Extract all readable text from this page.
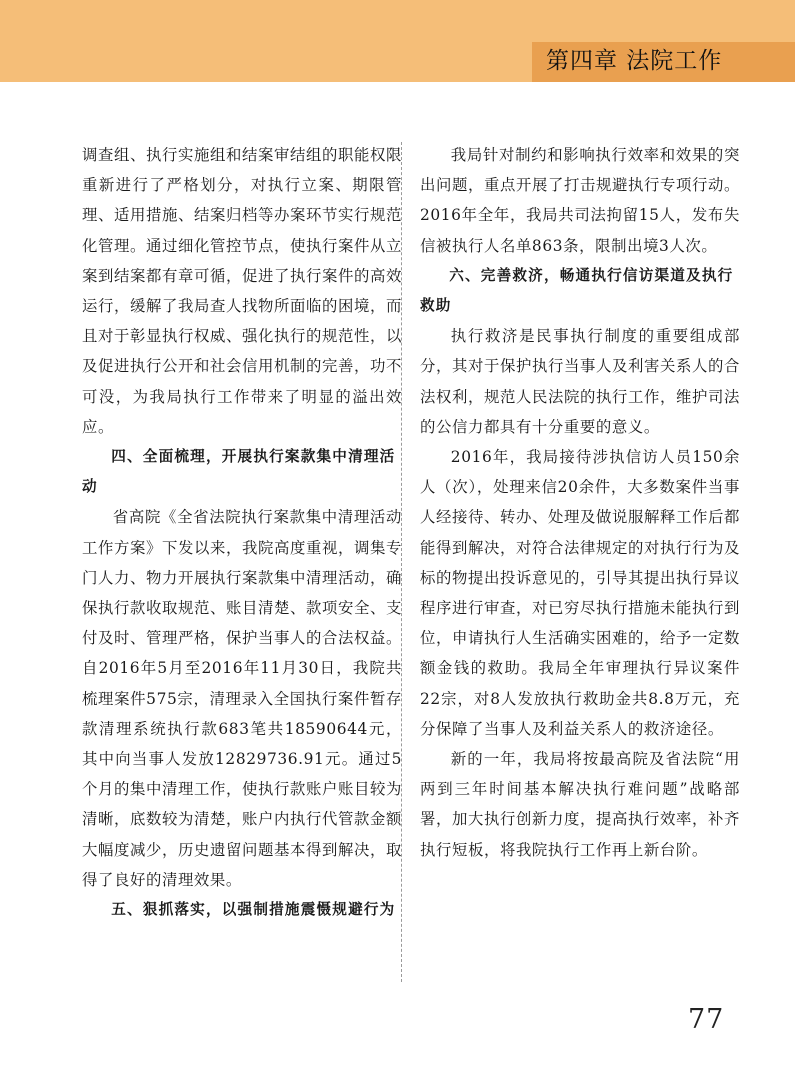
第四章 法院工作

调查组、执行实施组和结案审结组的职能权限重新进行了严格划分，对执行立案、期限管理、适用措施、结案归档等办案环节实行规范化管理。通过细化管控节点，使执行案件从立案到结案都有章可循，促进了执行案件的高效运行，缓解了我局查人找物所面临的困境，而且对于彰显执行权威、强化执行的规范性，以及促进执行公开和社会信用机制的完善，功不可没，为我局执行工作带来了明显的溢出效应。

四、全面梳理，开展执行案款集中清理活动

省高院《全省法院执行案款集中清理活动工作方案》下发以来，我院高度重视，调集专门人力、物力开展执行案款集中清理活动，确保执行款收取规范、账目清楚、款项安全、支付及时、管理严格，保护当事人的合法权益。自2016年5月至2016年11月30日，我院共梳理案件575宗，清理录入全国执行案件暂存款清理系统执行款683笔共18590644元，其中向当事人发放12829736.91元。通过5个月的集中清理工作，使执行款账户账目较为清晰，底数较为清楚，账户内执行代管款金额大幅度减少，历史遗留问题基本得到解决，取得了良好的清理效果。

五、狠抓落实，以强制措施震慑规避行为

我局针对制约和影响执行效率和效果的突出问题，重点开展了打击规避执行专项行动。2016年全年，我局共司法拘留15人，发布失信被执行人名单863条，限制出境3人次。

六、完善救济，畅通执行信访渠道及执行救助

执行救济是民事执行制度的重要组成部分，其对于保护执行当事人及利害关系人的合法权利，规范人民法院的执行工作，维护司法的公信力都具有十分重要的意义。

2016年，我局接待涉执信访人员150余人（次），处理来信20余件，大多数案件当事人经接待、转办、处理及做说服解释工作后都能得到解决，对符合法律规定的对执行行为及标的物提出投诉意见的，引导其提出执行异议程序进行审查，对已穷尽执行措施未能执行到位，申请执行人生活确实困难的，给予一定数额金钱的救助。我局全年审理执行异议案件22宗，对8人发放执行救助金共8.8万元，充分保障了当事人及利益关系人的救济途径。

新的一年，我局将按最高院及省法院“用两到三年时间基本解决执行难问题”战略部署，加大执行创新力度，提高执行效率，补齐执行短板，将我院执行工作再上新台阶。

77
